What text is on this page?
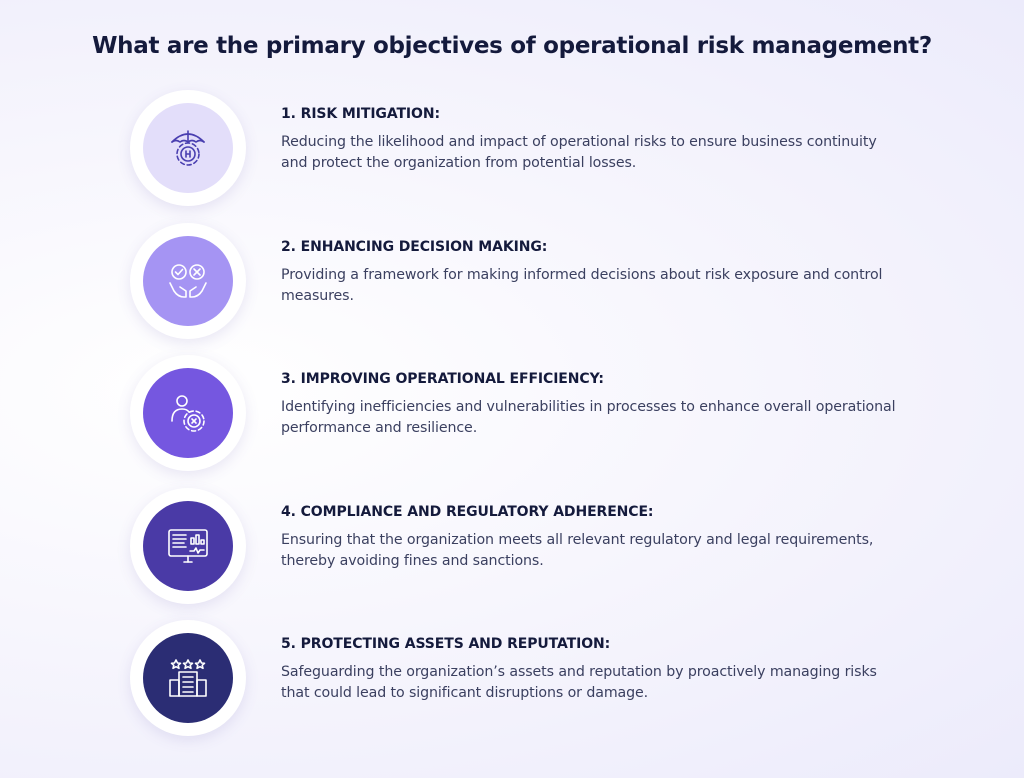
What are the primary objectives of operational risk management?
1. RISK MITIGATION:
Reducing the likelihood and impact of operational risks to ensure business continuity and protect the organization from potential losses.
2. ENHANCING DECISION MAKING:
Providing a framework for making informed decisions about risk exposure and control measures.
3. IMPROVING OPERATIONAL EFFICIENCY:
Identifying inefficiencies and vulnerabilities in processes to enhance overall operational performance and resilience.
4. COMPLIANCE AND REGULATORY ADHERENCE:
Ensuring that the organization meets all relevant regulatory and legal requirements, thereby avoiding fines and sanctions.
5. PROTECTING ASSETS AND REPUTATION:
Safeguarding the organization’s assets and reputation by proactively managing risks that could lead to significant disruptions or damage.
